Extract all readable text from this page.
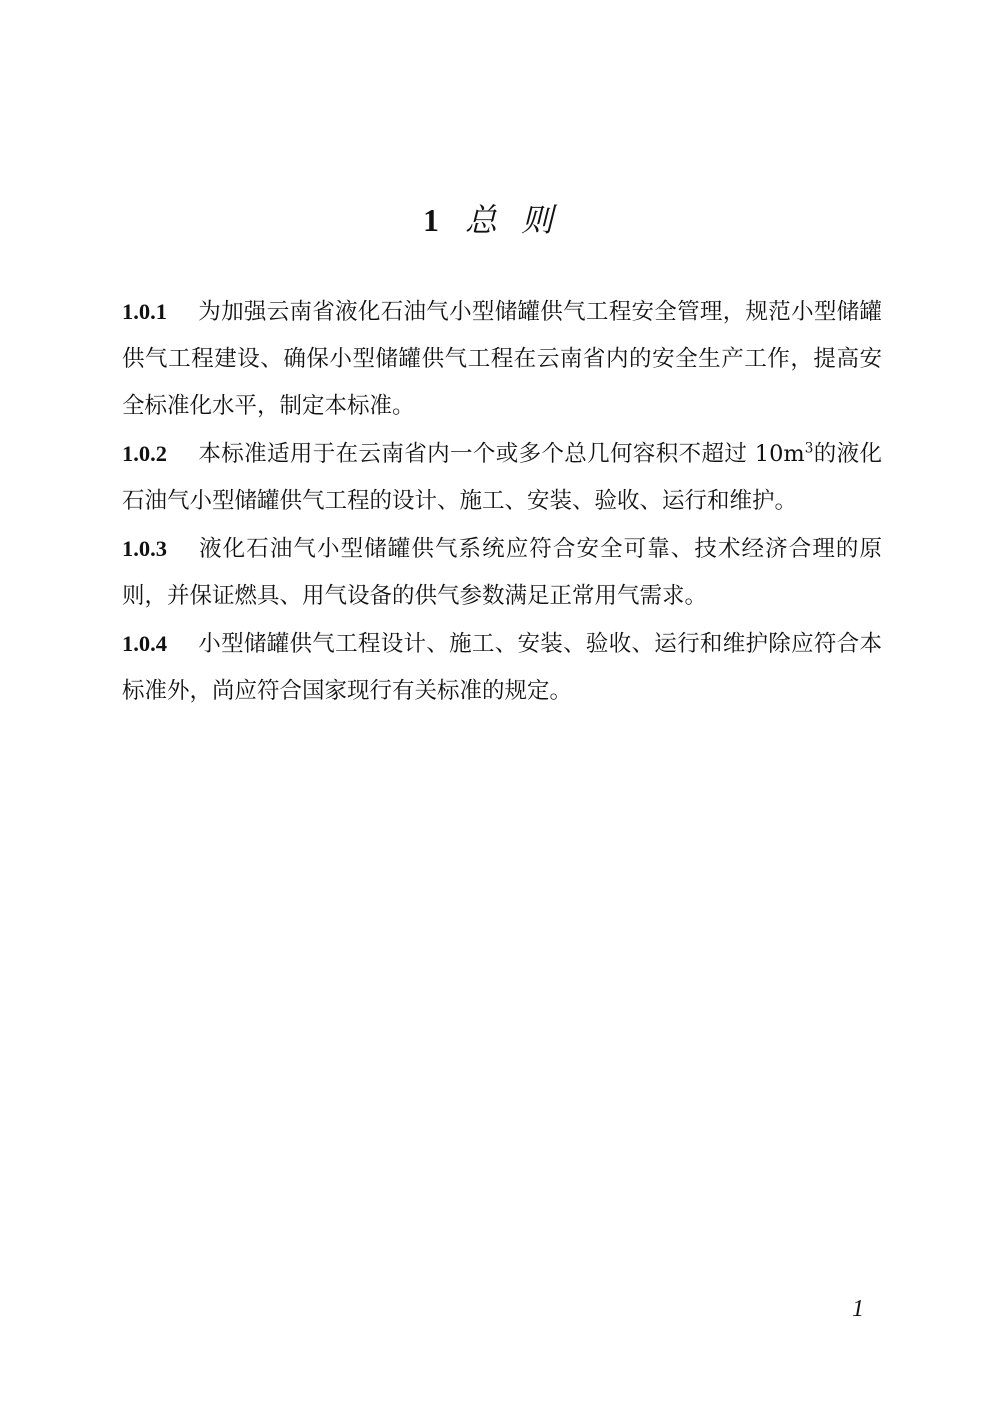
1 总则

1.0.1 为加强云南省液化石油气小型储罐供气工程安全管理，规范小型储罐供气工程建设、确保小型储罐供气工程在云南省内的安全生产工作，提高安全标准化水平，制定本标准。

1.0.2 本标准适用于在云南省内一个或多个总几何容积不超过 $10m^3$的液化石油气小型储罐供气工程的设计、施工、安装、验收、运行和维护。

1.0.3 液化石油气小型储罐供气系统应符合安全可靠、技术经济合理的原则，并保证燃具、用气设备的供气参数满足正常用气需求。

1.0.4 小型储罐供气工程设计、施工、安装、验收、运行和维护除应符合本标准外，尚应符合国家现行有关标准的规定。

1
